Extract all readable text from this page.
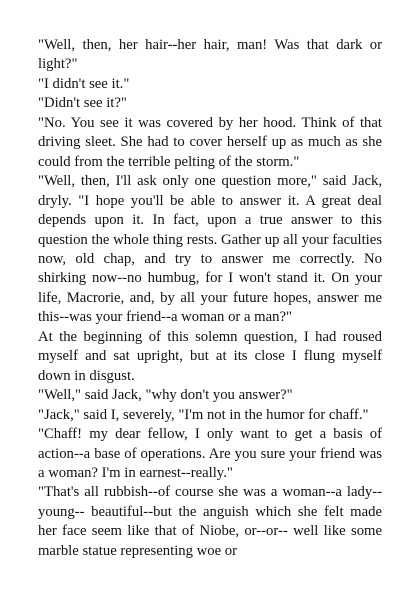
"Well, then, her hair--her hair, man! Was that dark or light?"

"I didn't see it."

"Didn't see it?"

"No. You see it was covered by her hood. Think of that driving sleet. She had to cover herself up as much as she could from the terrible pelting of the storm."

"Well, then, I'll ask only one question more," said Jack, dryly. "I hope you'll be able to answer it. A great deal depends upon it. In fact, upon a true answer to this question the whole thing rests. Gather up all your faculties now, old chap, and try to answer me correctly. No shirking now--no humbug, for I won't stand it. On your life, Macrorie, and, by all your future hopes, answer me this--was your friend--a woman or a man?"

At the beginning of this solemn question, I had roused myself and sat upright, but at its close I flung myself down in disgust.

"Well," said Jack, "why don't you answer?"

"Jack," said I, severely, "I'm not in the humor for chaff."

"Chaff! my dear fellow, I only want to get a basis of action--a base of operations. Are you sure your friend was a woman? I'm in earnest--really."

"That's all rubbish--of course she was a woman--a lady--young-- beautiful--but the anguish which she felt made her face seem like that of Niobe, or--or-- well like some marble statue representing woe or
